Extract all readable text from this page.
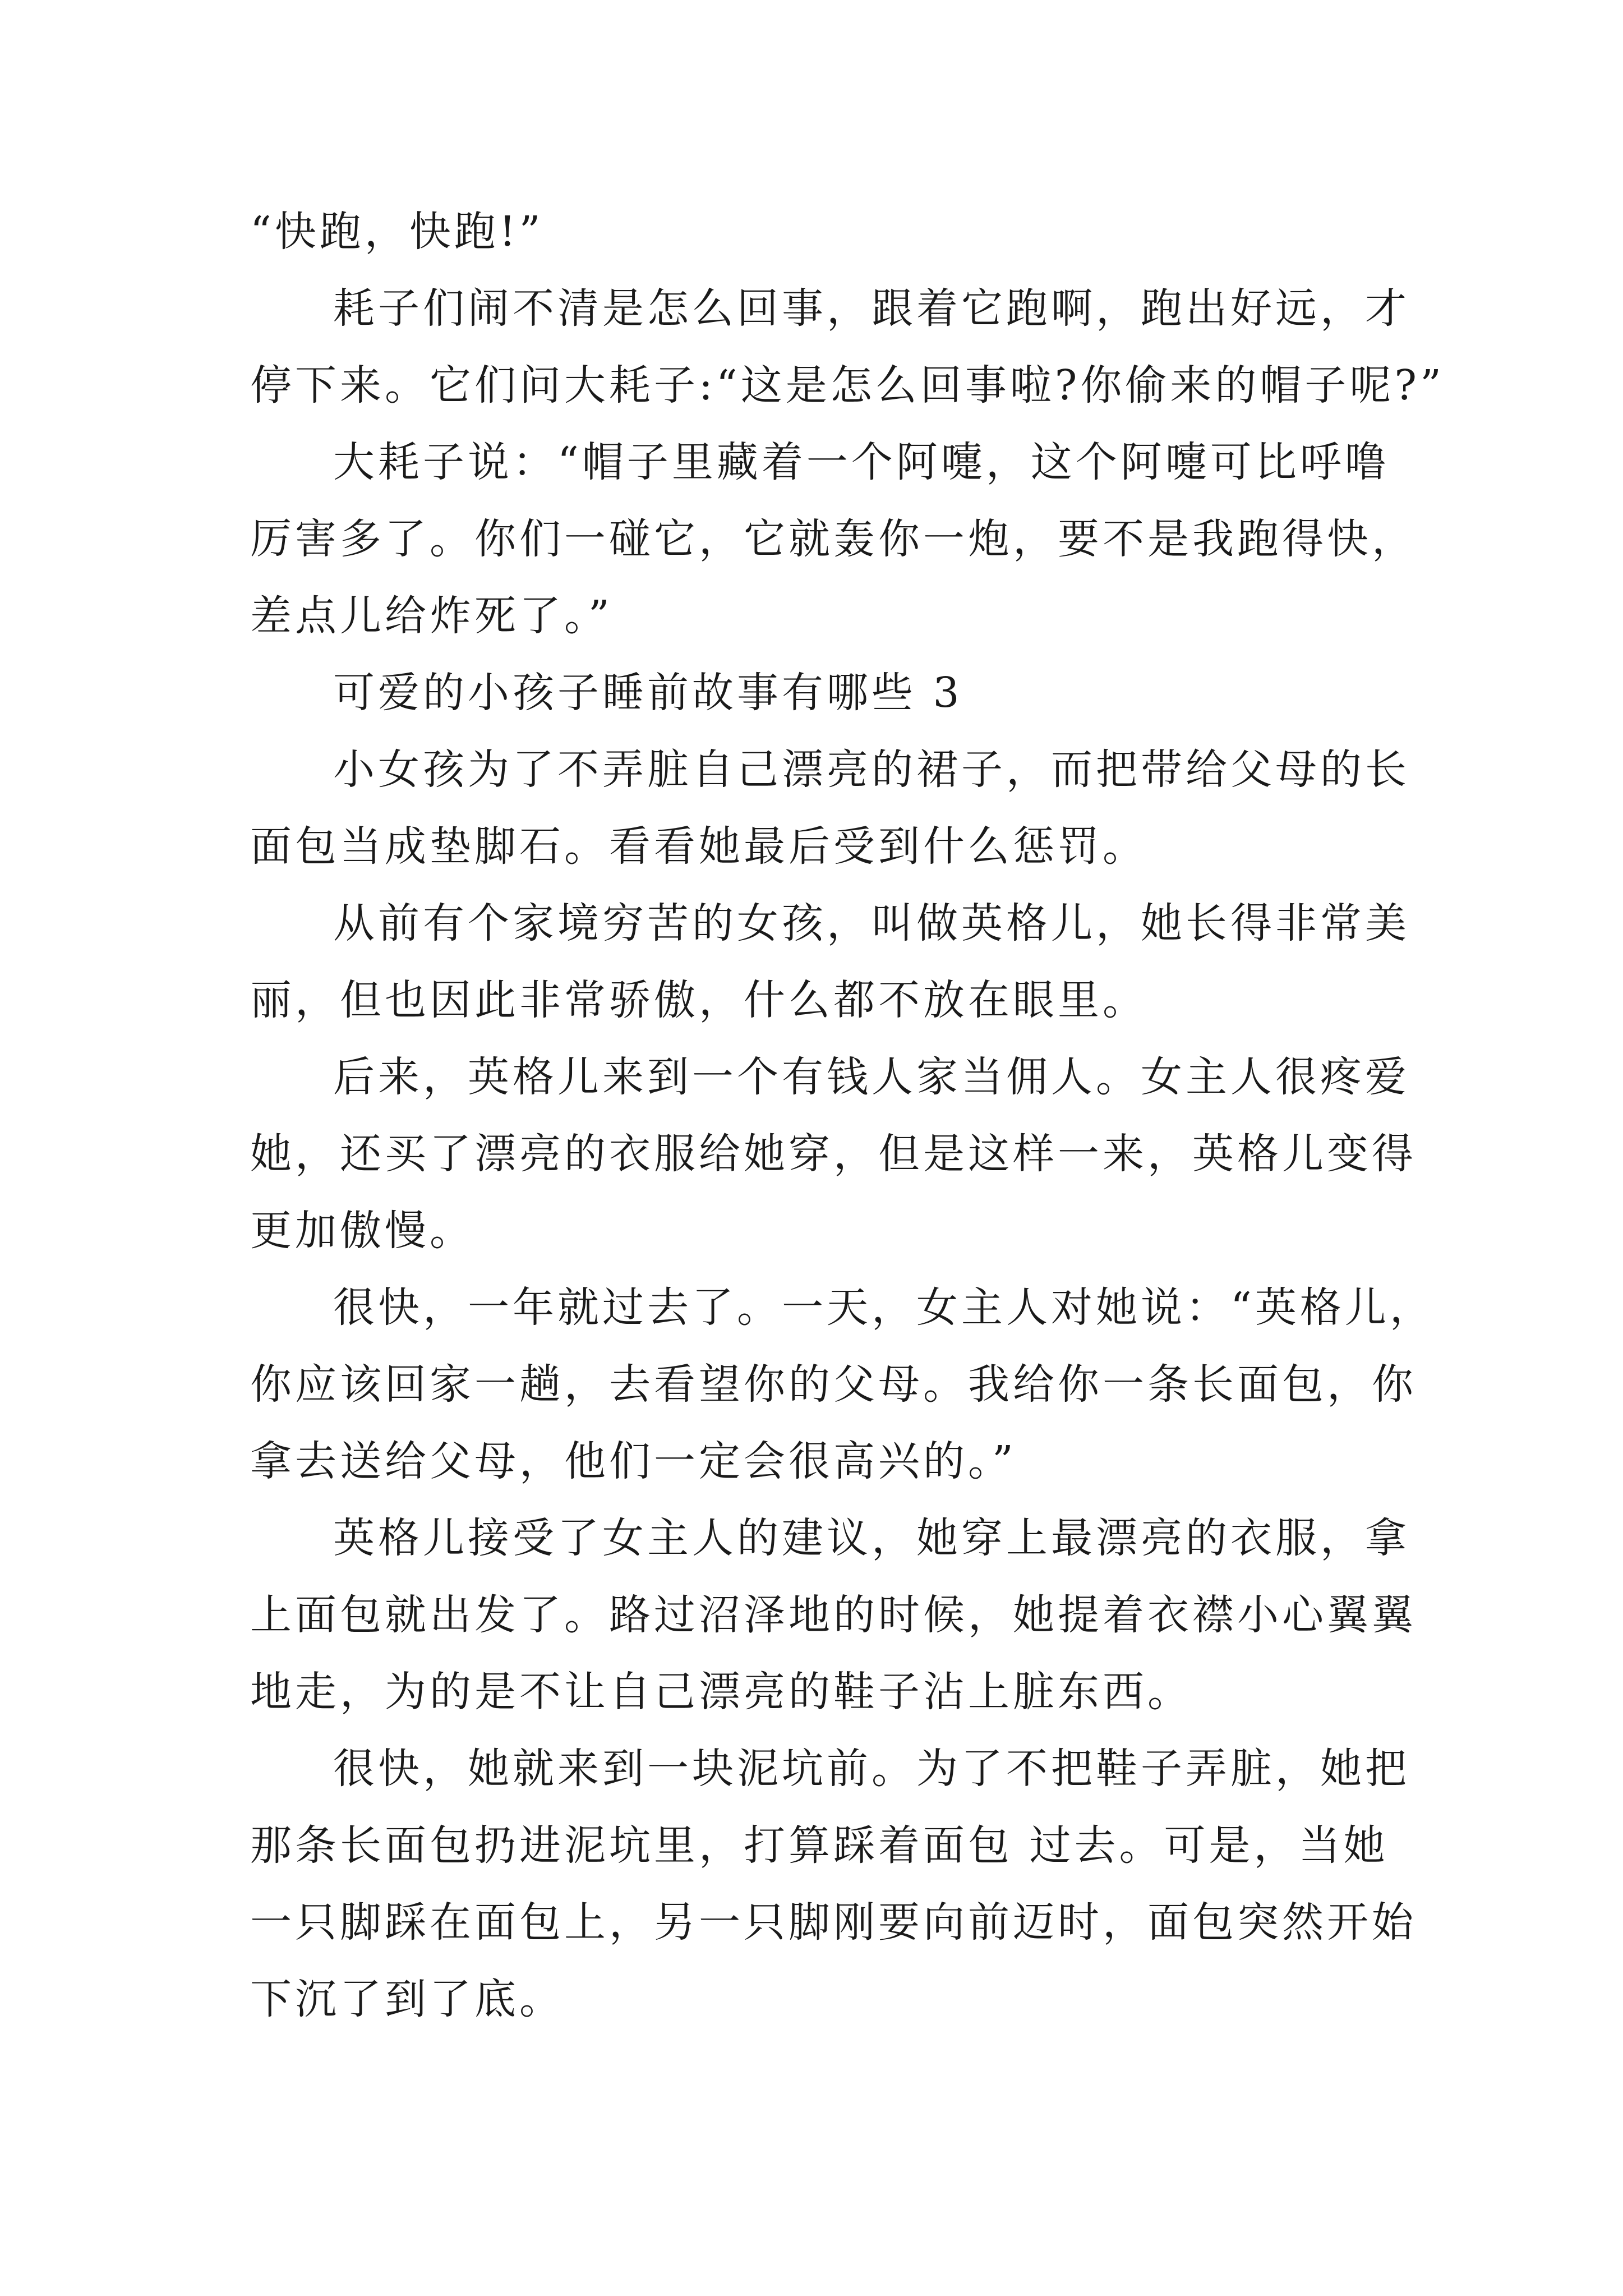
“快跑，快跑!”
耗子们闹不清是怎么回事，跟着它跑啊，跑出好远，才
停下来。它们问大耗子:“这是怎么回事啦?你偷来的帽子呢?”
大耗子说：“帽子里藏着一个阿嚏，这个阿嚏可比呼噜
厉害多了。你们一碰它，它就轰你一炮，要不是我跑得快，
差点儿给炸死了。”
可爱的小孩子睡前故事有哪些 3
小女孩为了不弄脏自己漂亮的裙子，而把带给父母的长
面包当成垫脚石。看看她最后受到什么惩罚。
从前有个家境穷苦的女孩，叫做英格儿，她长得非常美
丽，但也因此非常骄傲，什么都不放在眼里。
后来，英格儿来到一个有钱人家当佣人。女主人很疼爱
她，还买了漂亮的衣服给她穿，但是这样一来，英格儿变得
更加傲慢。
很快，一年就过去了。一天，女主人对她说：“英格儿，
你应该回家一趟，去看望你的父母。我给你一条长面包，你
拿去送给父母，他们一定会很高兴的。”
英格儿接受了女主人的建议，她穿上最漂亮的衣服，拿
上面包就出发了。路过沼泽地的时候，她提着衣襟小心翼翼
地走，为的是不让自己漂亮的鞋子沾上脏东西。
很快，她就来到一块泥坑前。为了不把鞋子弄脏，她把
那条长面包扔进泥坑里，打算踩着面包 过去。可是，当她
一只脚踩在面包上，另一只脚刚要向前迈时，面包突然开始
下沉了到了底。
